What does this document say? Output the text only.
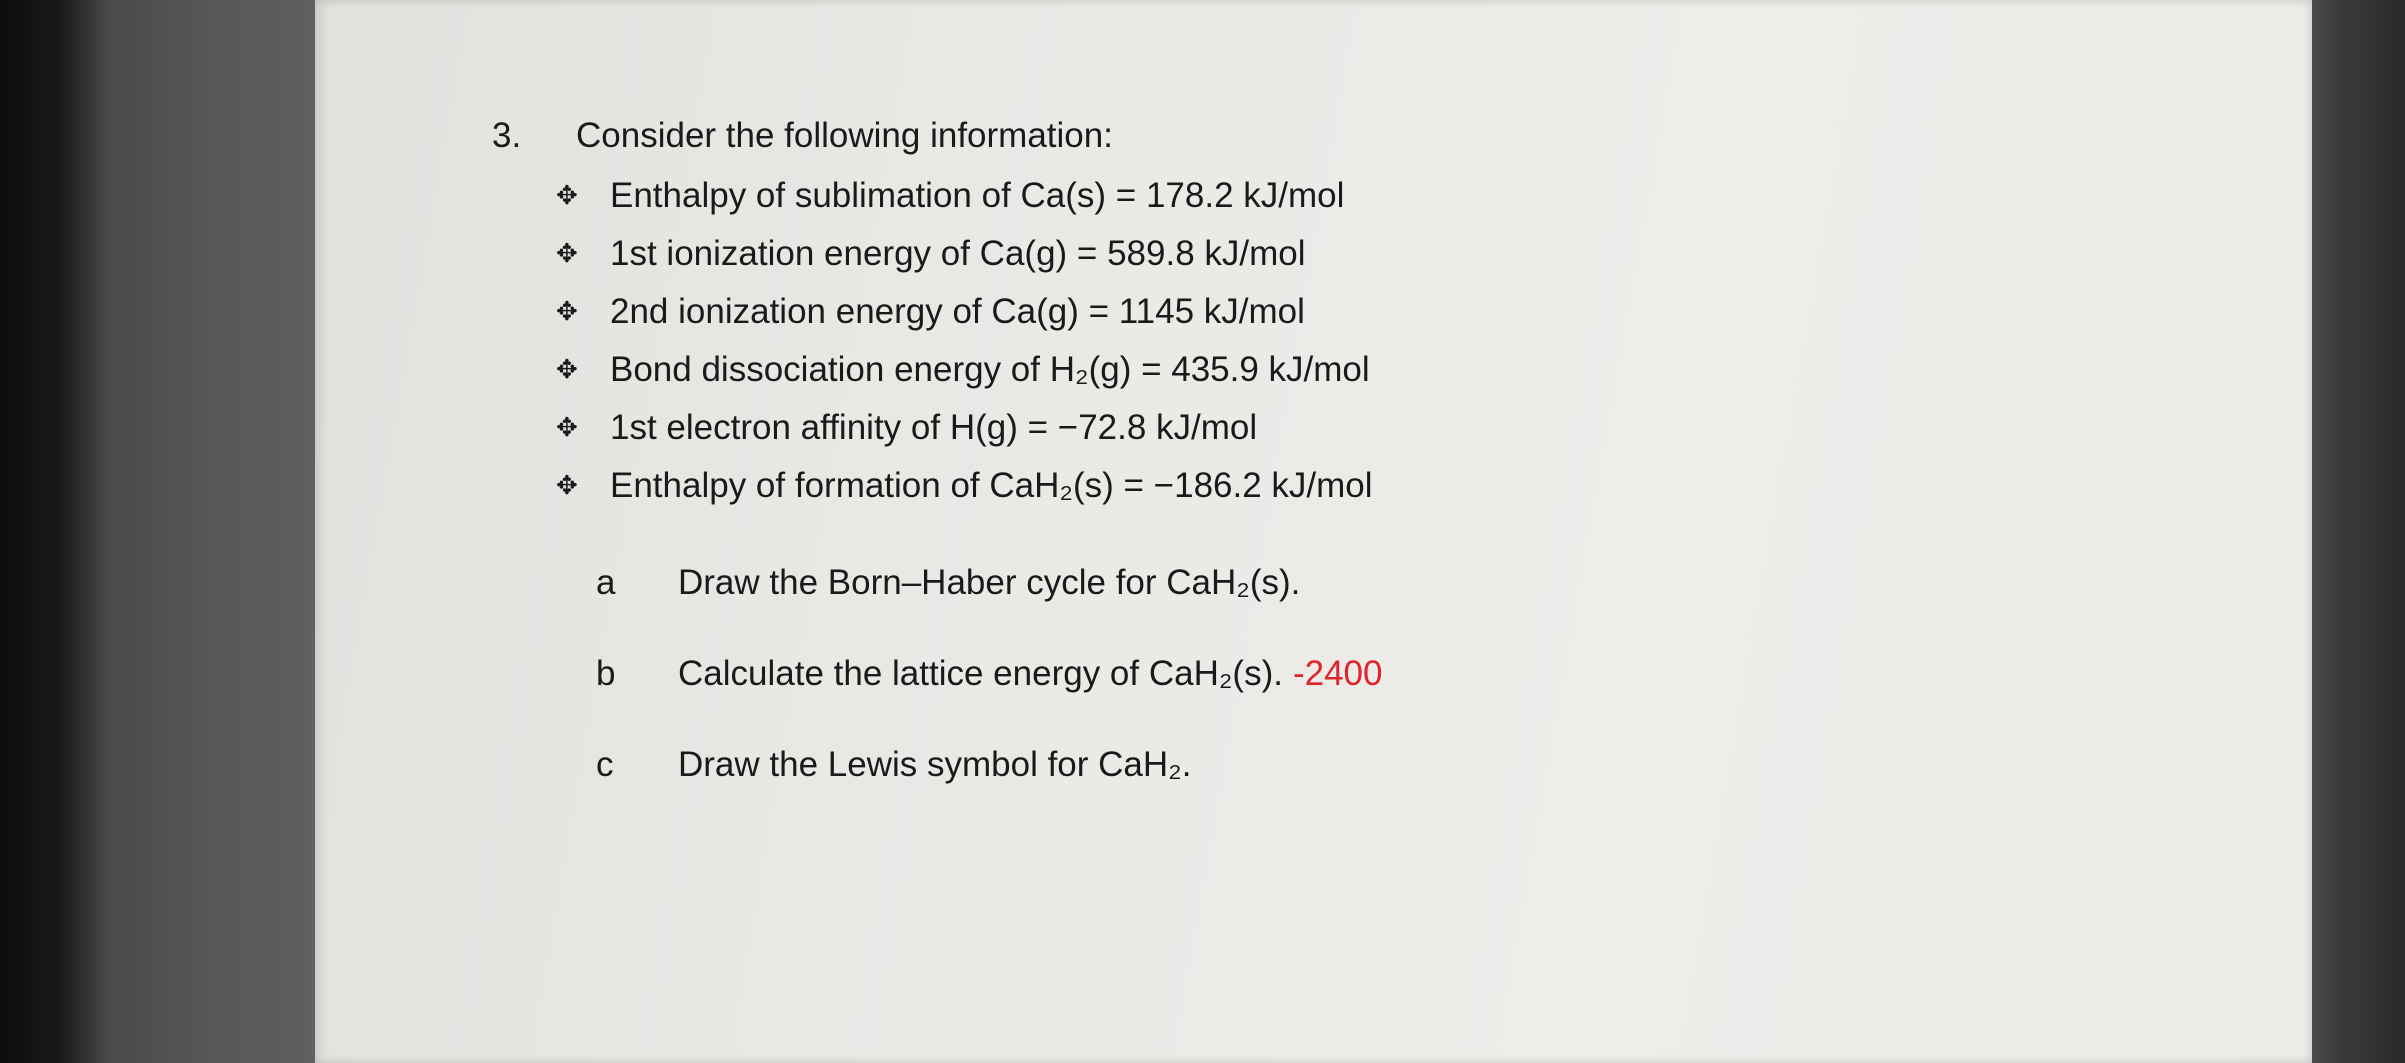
3. Consider the following information:
✥ Enthalpy of sublimation of Ca(s) = 178.2 kJ/mol
✥ 1st ionization energy of Ca(g) = 589.8 kJ/mol
✥ 2nd ionization energy of Ca(g) = 1145 kJ/mol
✥ Bond dissociation energy of H₂(g) = 435.9 kJ/mol
✥ 1st electron affinity of H(g) = −72.8 kJ/mol
✥ Enthalpy of formation of CaH₂(s) = −186.2 kJ/mol
a Draw the Born–Haber cycle for CaH₂(s).
b Calculate the lattice energy of CaH₂(s). -2400
c Draw the Lewis symbol for CaH₂.
